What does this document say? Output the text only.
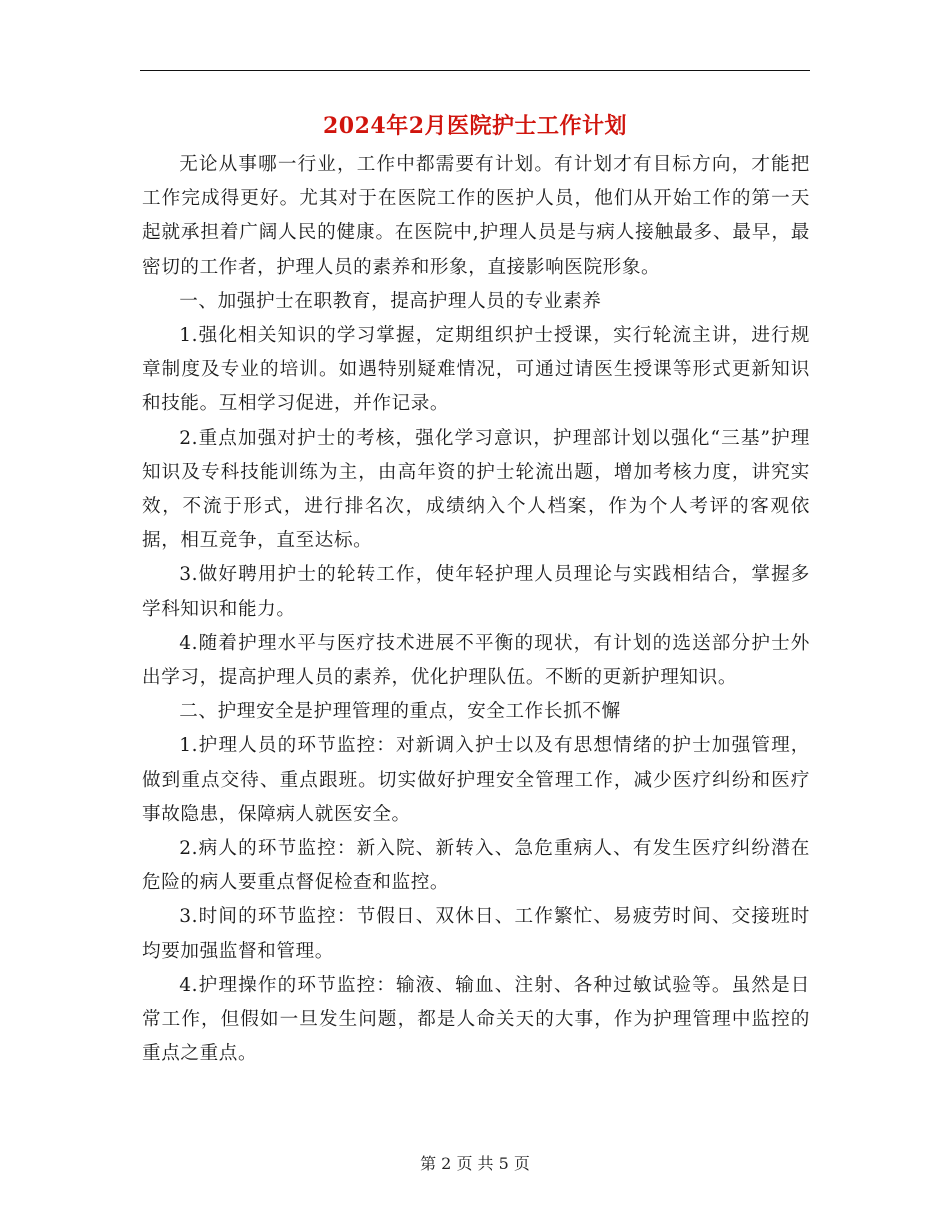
2024年2月医院护士工作计划

无论从事哪一行业，工作中都需要有计划。有计划才有目标方向，才能把工作完成得更好。尤其对于在医院工作的医护人员，他们从开始工作的第一天起就承担着广阔人民的健康。在医院中,护理人员是与病人接触最多、最早，最密切的工作者，护理人员的素养和形象，直接影响医院形象。

一、加强护士在职教育，提高护理人员的专业素养

1.强化相关知识的学习掌握，定期组织护士授课，实行轮流主讲，进行规章制度及专业的培训。如遇特别疑难情况，可通过请医生授课等形式更新知识和技能。互相学习促进，并作记录。

2.重点加强对护士的考核，强化学习意识，护理部计划以强化“三基”护理知识及专科技能训练为主，由高年资的护士轮流出题，增加考核力度，讲究实效，不流于形式，进行排名次，成绩纳入个人档案，作为个人考评的客观依据，相互竞争，直至达标。

3.做好聘用护士的轮转工作，使年轻护理人员理论与实践相结合，掌握多学科知识和能力。

4.随着护理水平与医疗技术进展不平衡的现状，有计划的选送部分护士外出学习，提高护理人员的素养，优化护理队伍。不断的更新护理知识。

二、护理安全是护理管理的重点，安全工作长抓不懈

1.护理人员的环节监控：对新调入护士以及有思想情绪的护士加强管理，做到重点交待、重点跟班。切实做好护理安全管理工作，减少医疗纠纷和医疗事故隐患，保障病人就医安全。

2.病人的环节监控：新入院、新转入、急危重病人、有发生医疗纠纷潜在危险的病人要重点督促检查和监控。

3.时间的环节监控：节假日、双休日、工作繁忙、易疲劳时间、交接班时均要加强监督和管理。

4.护理操作的环节监控：输液、输血、注射、各种过敏试验等。虽然是日常工作，但假如一旦发生问题，都是人命关天的大事，作为护理管理中监控的重点之重点。

第 2 页 共 5 页
